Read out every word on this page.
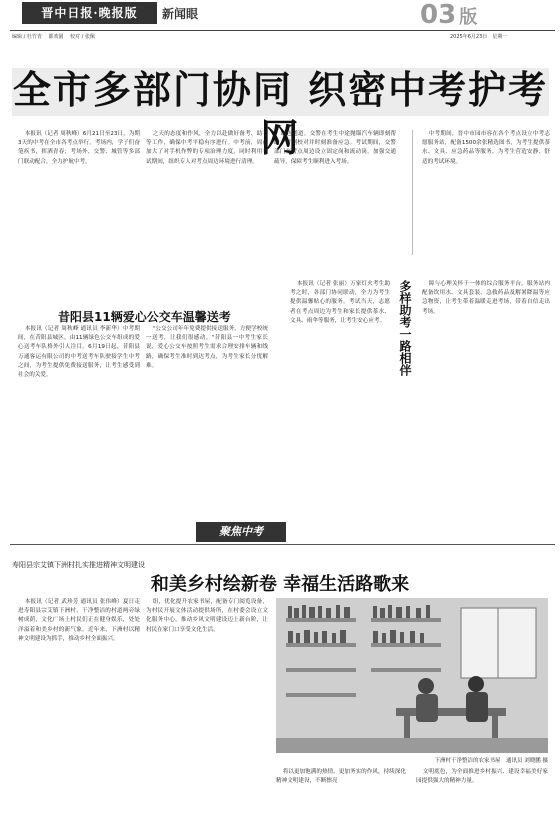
晋中日报·晚报版	新闻眼	03 版
编辑 / 杜竹青　 都欢園　 校对 / 张佩	2025年6月23日　星期一
全市多部门协同 织密中考护考网

本报讯（记者 周秋峰）6月21日至23日，为期3天的中考在全市各考点举行，考场内，学子们奋笔疾书，挥洒青春；考场外，交警、城管等多部门联动配合，全力护航中考。

之天的态度和作风，全力以赴做好备考、助考等工作，确保中考平稳有序进行。中考前，周前加大了对手机作弊的专项治理力度，同时利用考试期间，组织专人对考点周边环境进行清理。

绿色通道。交警在考生中途抛锚汽车辆即刻帮助、时刻校对并时刻准备应急。考试期间，交警部门在考点周边设立固定岗和流动岗，加强交通疏导，保障考生顺利进入考场。

中考期间，晋中市园市容在各个考点设立中考志愿服务站，配备1500余张精选图书，为考生提供茶水、文具、应急药品等服务，为考生营造安静、舒适的考试环境。

昔阳县11辆爱心公交车温馨送考

本报讯（记者 周秋峰 通讯员 李新华）中考期间，在昔阳县城区，由11辆绿色公交车组成的爱心送考车队格外引人注目。6月19日起，昔阳县万通客运有限公司的中考送考车队驶接学生中考之间，为考生提供免费接送服务，让考生感受到社会的关爱。

"公交公司年年免费提供接送服务，方便学校统一送考，让我们很感动。"昔阳县一中考生家长说，爱心公交车按照考生需求合理安排车辆和线路，确保考生准时到达考点，为考生家长分忧解难。

本报讯（记者 张丽）万家灯火考生助考之时，各部门协同联动，全力为考生提供温馨贴心的服务。考试当天，志愿者在考点周边为考生和家长提供茶水、文具、雨伞等服务，让考生安心应考。	多样助考一路相伴	障与心理关怀于一体的综合服务平台。服务站内配备饮用水、文具套装、急救药品及解暑降温等应急物资，让考生带着温暖走进考场，带着自信走出考场。

聚焦中考
寿阳县宗艾镇下洲村扎实推进精神文明建设
和美乡村绘新卷 幸福生活路歌来

本报讯（记者 武珍芳 通讯员 张伟峰）夏日走进寿阳县宗艾镇下洲村，干净整洁的村道两旁绿树成荫，文化广场上村民们正在健身娱乐，处处洋溢着和美乡村的新气象。近年来，下洲村以精神文明建设为抓手，推动乡村全面振兴。

组，优化提升农家书屋，配备专门阅览设备，为村民开展文体活动提供场所，在村委会设立文化服务中心，推动乡风文明建设迈上新台阶，让村民在家门口享受文化生活。

下洲村干净整洁的农家书屋　通讯员 刘晓鹏 摄

将以更加饱满的热情、更加务实的作风，持续深化精神文明建设，不断擦亮

文明底色，为全面推进乡村振兴、建设幸福美好家园提供强大的精神力量。
